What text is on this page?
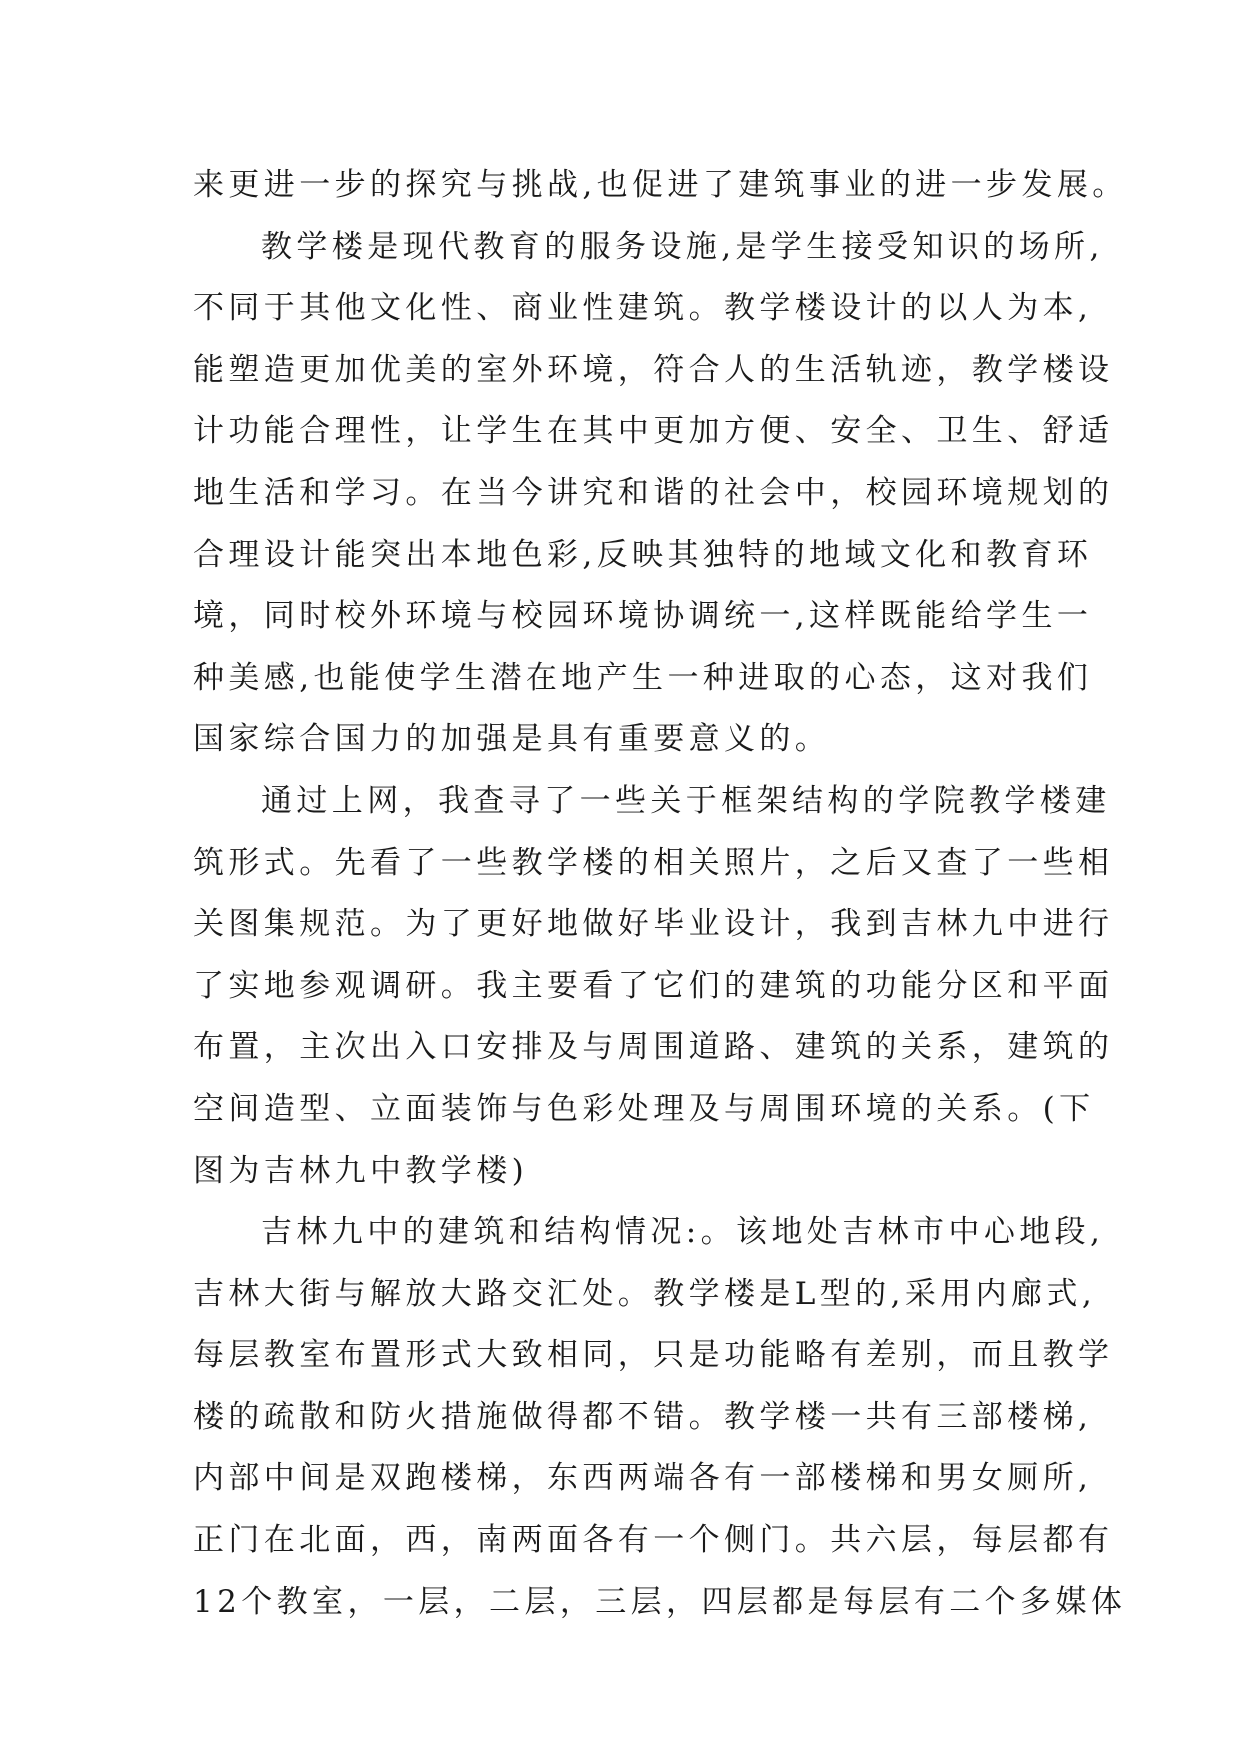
来更进一步的探究与挑战,也促进了建筑事业的进一步发展。
教学楼是现代教育的服务设施,是学生接受知识的场所,
不同于其他文化性、商业性建筑。教学楼设计的以人为本,
能塑造更加优美的室外环境，符合人的生活轨迹，教学楼设
计功能合理性，让学生在其中更加方便、安全、卫生、舒适
地生活和学习。在当今讲究和谐的社会中，校园环境规划的
合理设计能突出本地色彩,反映其独特的地域文化和教育环
境，同时校外环境与校园环境协调统一,这样既能给学生一
种美感,也能使学生潜在地产生一种进取的心态，这对我们
国家综合国力的加强是具有重要意义的。
通过上网，我查寻了一些关于框架结构的学院教学楼建
筑形式。先看了一些教学楼的相关照片，之后又查了一些相
关图集规范。为了更好地做好毕业设计，我到吉林九中进行
了实地参观调研。我主要看了它们的建筑的功能分区和平面
布置，主次出入口安排及与周围道路、建筑的关系，建筑的
空间造型、立面装饰与色彩处理及与周围环境的关系。(下
图为吉林九中教学楼)
吉林九中的建筑和结构情况:。该地处吉林市中心地段,
吉林大街与解放大路交汇处。教学楼是L型的,采用内廊式,
每层教室布置形式大致相同，只是功能略有差别，而且教学
楼的疏散和防火措施做得都不错。教学楼一共有三部楼梯,
内部中间是双跑楼梯，东西两端各有一部楼梯和男女厕所,
正门在北面，西，南两面各有一个侧门。共六层，每层都有
12个教室，一层，二层，三层，四层都是每层有二个多媒体
